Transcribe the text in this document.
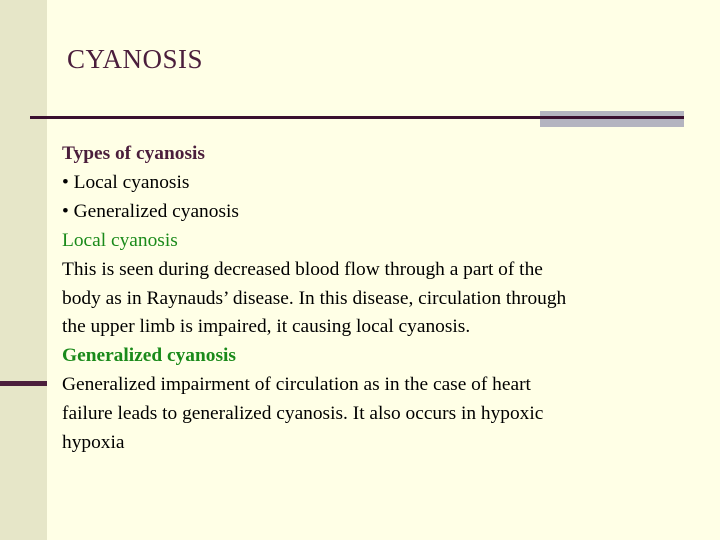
CYANOSIS

Types of cyanosis

• Local cyanosis

• Generalized cyanosis

Local cyanosis

This is seen during decreased blood flow through a part of the

body as in Raynauds’ disease. In this disease, circulation through

the upper limb is impaired, it causing local cyanosis.

Generalized cyanosis

Generalized impairment of circulation as in the case of heart

failure leads to generalized cyanosis. It also occurs in hypoxic

hypoxia
